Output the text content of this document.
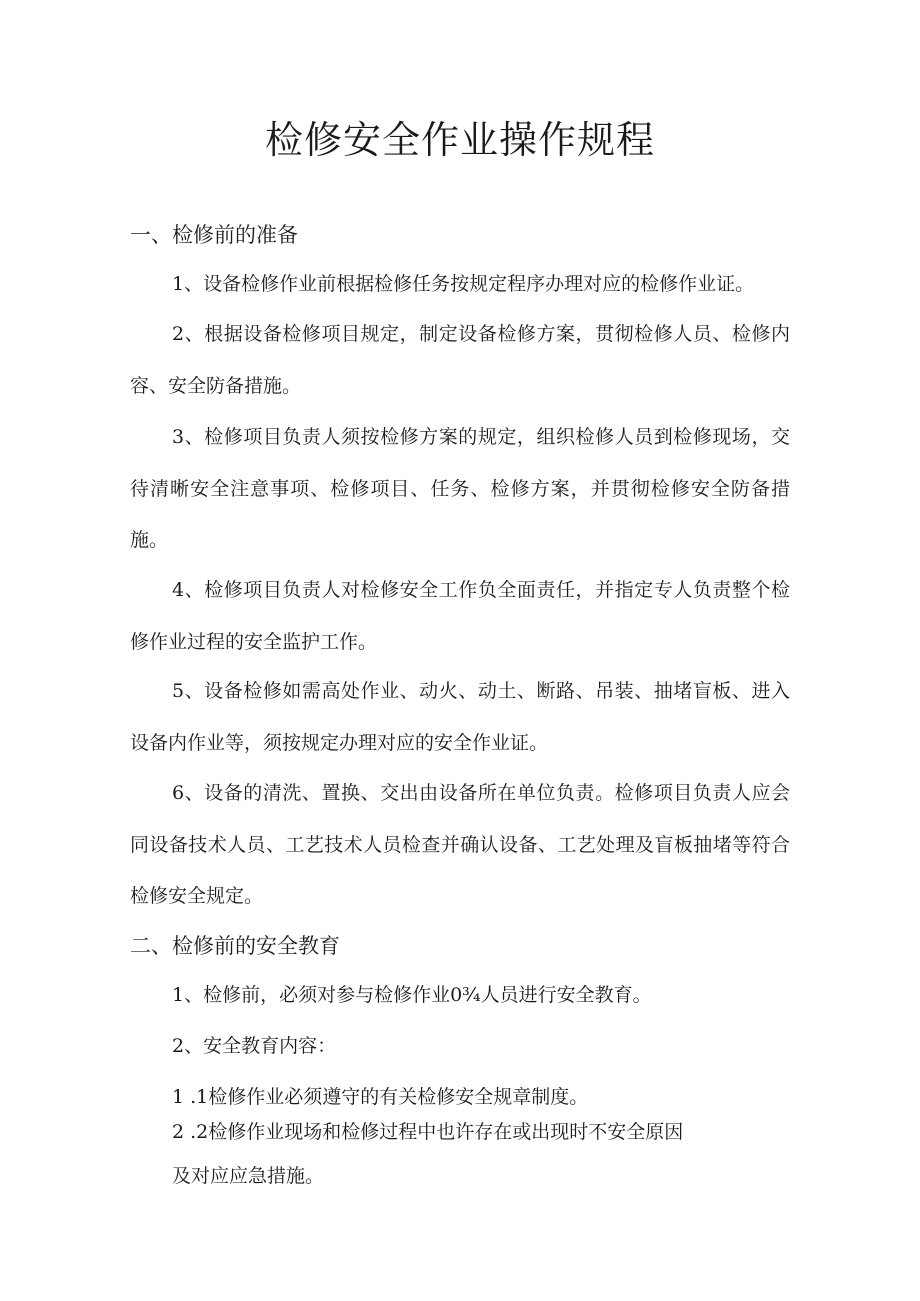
检修安全作业操作规程
一、检修前的准备

1、设备检修作业前根据检修任务按规定程序办理对应的检修作业证。

2、根据设备检修项目规定，制定设备检修方案，贯彻检修人员、检修内容、安全防备措施。

3、检修项目负责人须按检修方案的规定，组织检修人员到检修现场，交待清晰安全注意事项、检修项目、任务、检修方案，并贯彻检修安全防备措施。

4、检修项目负责人对检修安全工作负全面责任，并指定专人负责整个检修作业过程的安全监护工作。

5、设备检修如需高处作业、动火、动土、断路、吊装、抽堵盲板、进入设备内作业等，须按规定办理对应的安全作业证。

6、设备的清洗、置换、交出由设备所在单位负责。检修项目负责人应会同设备技术人员、工艺技术人员检查并确认设备、工艺处理及盲板抽堵等符合检修安全规定。

二、检修前的安全教育

1、检修前，必须对参与检修作业0¾人员进行安全教育。

2、安全教育内容：

1 .1检修作业必须遵守的有关检修安全规章制度。

2 .2检修作业现场和检修过程中也许存在或出现时不安全原因

及对应应急措施。
